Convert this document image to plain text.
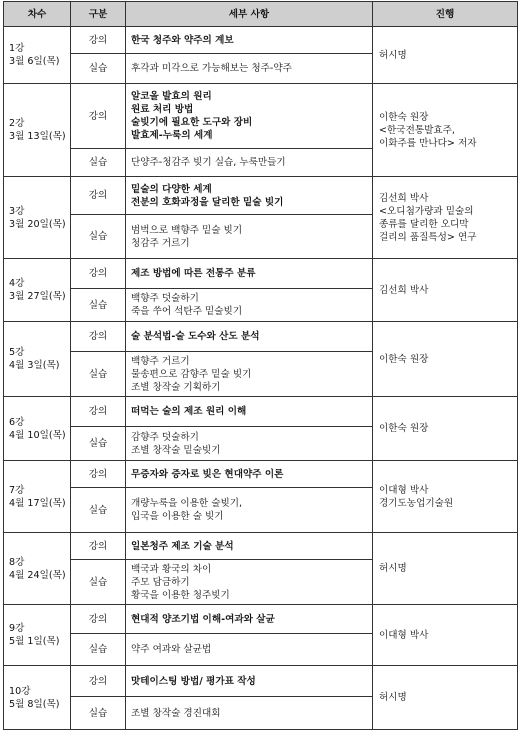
차수	구분	세부 사항	진행

1강
3월 6일(목)	강의	한국 청주와 약주의 계보	허시명

	실습	후각과 미각으로 가능해보는 청주-약주	

2강
3월 13일(목)	강의	알코올 발효의 원리
원료 처리 방법
술빚기에 필요한 도구와 장비
발효제-누룩의 세계	이한숙 원장
<한국전통발효주,
이화주를 만나다> 저자

	실습	단양주-청감주 빚기 실습, 누룩만들기	

3강
3월 20일(목)	강의	밑술의 다양한 세계
전분의 호화과정을 달리한 밑술 빚기	김선희 박사
<오디첨가량과 밑술의
종류를 달리한 오디막
걸리의 품질특성> 연구

	실습	범벅으로 백향주 밑술 빚기
청감주 거르기	

4강
3월 27일(목)	강의	제조 방법에 따른 전통주 분류	김선희 박사

	실습	백향주 덧술하기
죽을 쑤어 석탄주 밑술빚기	

5강
4월 3일(목)	강의	술 분석법-술 도수와 산도 분석	이한숙 원장

	실습	백향주 거르기
물송편으로 감향주 밑술 빚기
조별 창작술 기획하기	

6강
4월 10일(목)	강의	떠먹는 술의 제조 원리 이해	이한숙 원장

	실습	감향주 덧술하기
조별 창작술 밑술빚기	

7강
4월 17일(목)	강의	무증자와 증자로 빚은 현대약주 이론	이대형 박사
경기도농업기술원

	실습	개량누룩을 이용한 술빚기,
입국을 이용한 술 빚기	

8강
4월 24일(목)	강의	일본청주 제조 기술 분석	허시명

	실습	백국과 황국의 차이
주모 담금하기
황국을 이용한 청주빚기	

9강
5월 1일(목)	강의	현대적 양조기법 이해-여과와 살균	이대형 박사

	실습	약주 여과와 살균법	

10강
5월 8일(목)	강의	맛테이스팅 방법/ 평가표 작성	허시명

	실습	조별 창작술 경진대회	
